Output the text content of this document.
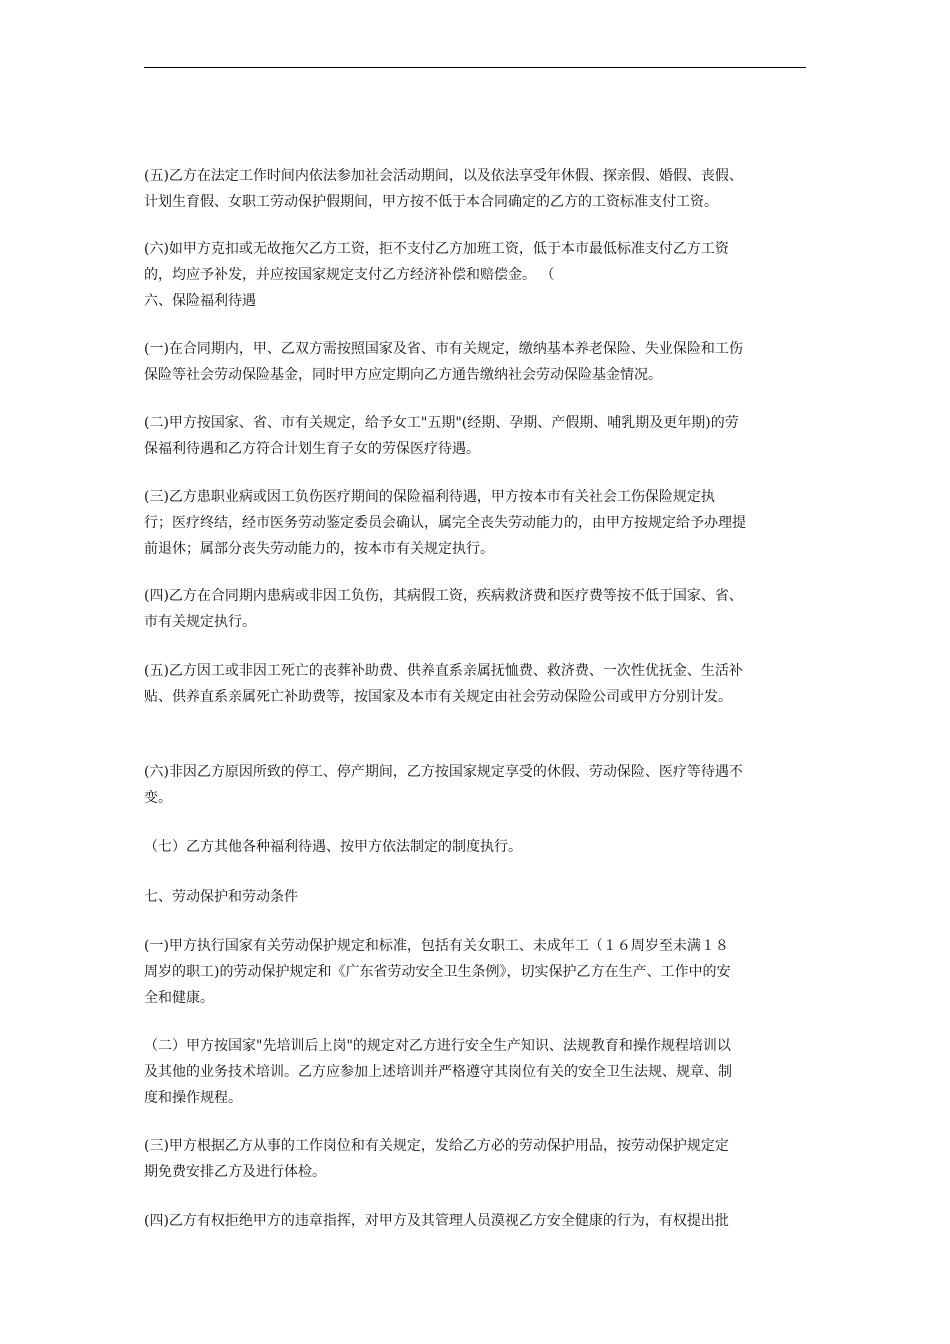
(五)乙方在法定工作时间内依法参加社会活动期间，以及依法享受年休假、探亲假、婚假、丧假、
计划生育假、女职工劳动保护假期间，甲方按不低于本合同确定的乙方的工资标准支付工资。
(六)如甲方克扣或无故拖欠乙方工资，拒不支付乙方加班工资，低于本市最低标准支付乙方工资
的，均应予补发，并应按国家规定支付乙方经济补偿和赔偿金。 （
六、保险福利待遇
(一)在合同期内，甲、乙双方需按照国家及省、市有关规定，缴纳基本养老保险、失业保险和工伤
保险等社会劳动保险基金，同时甲方应定期向乙方通告缴纳社会劳动保险基金情况。
(二)甲方按国家、省、市有关规定，给予女工"五期"(经期、孕期、产假期、哺乳期及更年期)的劳
保福利待遇和乙方符合计划生育子女的劳保医疗待遇。
(三)乙方患职业病或因工负伤医疗期间的保险福利待遇，甲方按本市有关社会工伤保险规定执
行；医疗终结，经市医务劳动鉴定委员会确认，属完全丧失劳动能力的，由甲方按规定给予办理提
前退休；属部分丧失劳动能力的，按本市有关规定执行。
(四)乙方在合同期内患病或非因工负伤，其病假工资，疾病救济费和医疗费等按不低于国家、省、
市有关规定执行。
(五)乙方因工或非因工死亡的丧葬补助费、供养直系亲属抚恤费、救济费、一次性优抚金、生活补
贴、供养直系亲属死亡补助费等，按国家及本市有关规定由社会劳动保险公司或甲方分别计发。
(六)非因乙方原因所致的停工、停产期间，乙方按国家规定享受的休假、劳动保险、医疗等待遇不
变。
（七）乙方其他各种福利待遇、按甲方依法制定的制度执行。
七、劳动保护和劳动条件
(一)甲方执行国家有关劳动保护规定和标准，包括有关女职工、未成年工（１６周岁至未满１８
周岁的职工)的劳动保护规定和《广东省劳动安全卫生条例》，切实保护乙方在生产、工作中的安
全和健康。
（二）甲方按国家"先培训后上岗"的规定对乙方进行安全生产知识、法规教育和操作规程培训以
及其他的业务技术培训。乙方应参加上述培训并严格遵守其岗位有关的安全卫生法规、规章、制
度和操作规程。
(三)甲方根据乙方从事的工作岗位和有关规定，发给乙方必的劳动保护用品，按劳动保护规定定
期免费安排乙方及进行体检。
(四)乙方有权拒绝甲方的违章指挥，对甲方及其管理人员漠视乙方安全健康的行为，有权提出批
